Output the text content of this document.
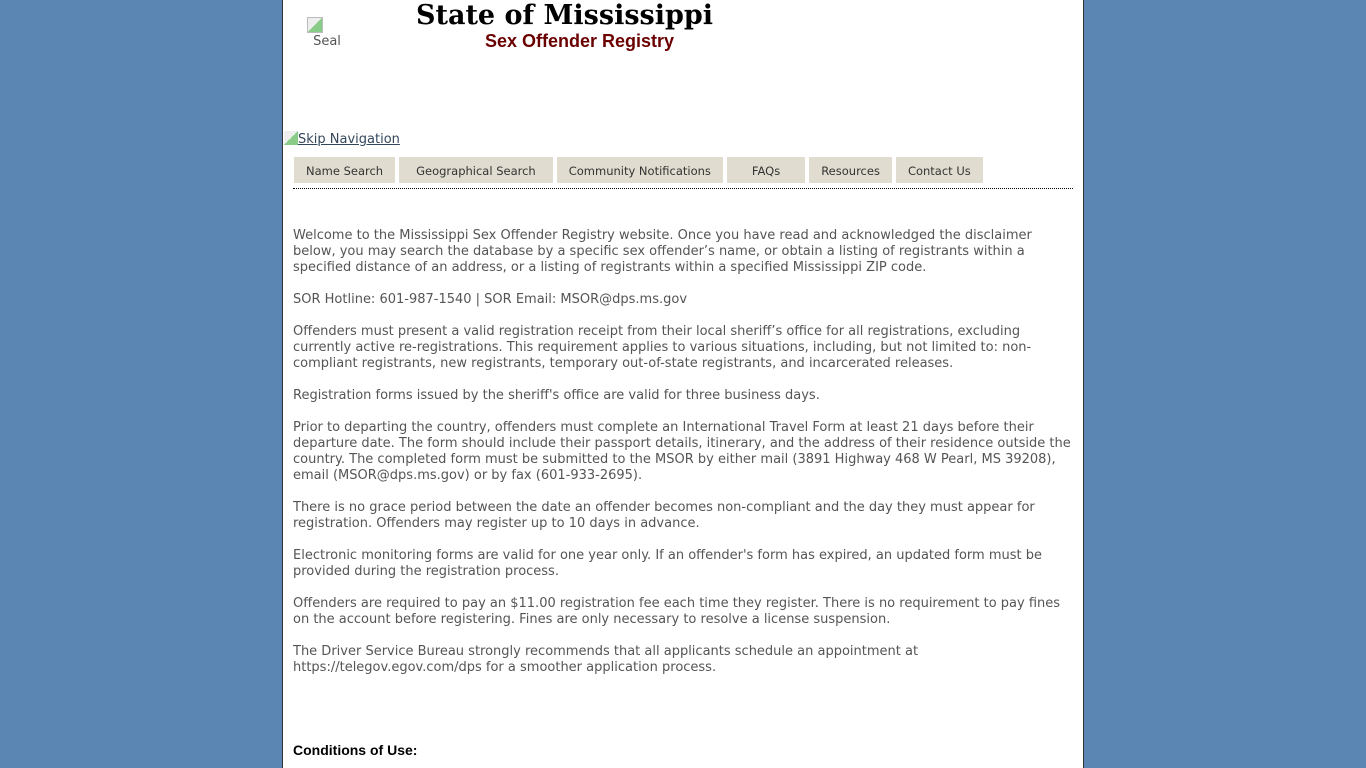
Seal
State of Mississippi
Sex Offender Registry
Skip Navigation
Name Search	Geographical Search	Community Notifications	FAQs	Resources	Contact Us

Welcome to the Mississippi Sex Offender Registry website. Once you have read and acknowledged the disclaimer below, you may search the database by a specific sex offender’s name, or obtain a listing of registrants within a specified distance of an address, or a listing of registrants within a specified Mississippi ZIP code.

SOR Hotline: 601-987-1540 | SOR Email: MSOR@dps.ms.gov

Offenders must present a valid registration receipt from their local sheriff’s office for all registrations, excluding currently active re-registrations. This requirement applies to various situations, including, but not limited to: non-compliant registrants, new registrants, temporary out-of-state registrants, and incarcerated releases.

Registration forms issued by the sheriff's office are valid for three business days.

Prior to departing the country, offenders must complete an International Travel Form at least 21 days before their departure date. The form should include their passport details, itinerary, and the address of their residence outside the country. The completed form must be submitted to the MSOR by either mail (3891 Highway 468 W Pearl, MS 39208), email (MSOR@dps.ms.gov) or by fax (601-933-2695).

There is no grace period between the date an offender becomes non-compliant and the day they must appear for registration. Offenders may register up to 10 days in advance.

Electronic monitoring forms are valid for one year only. If an offender's form has expired, an updated form must be provided during the registration process.

Offenders are required to pay an $11.00 registration fee each time they register. There is no requirement to pay fines on the account before registering. Fines are only necessary to resolve a license suspension.

The Driver Service Bureau strongly recommends that all applicants schedule an appointment at https://telegov.egov.com/dps for a smoother application process.

Conditions of Use:
